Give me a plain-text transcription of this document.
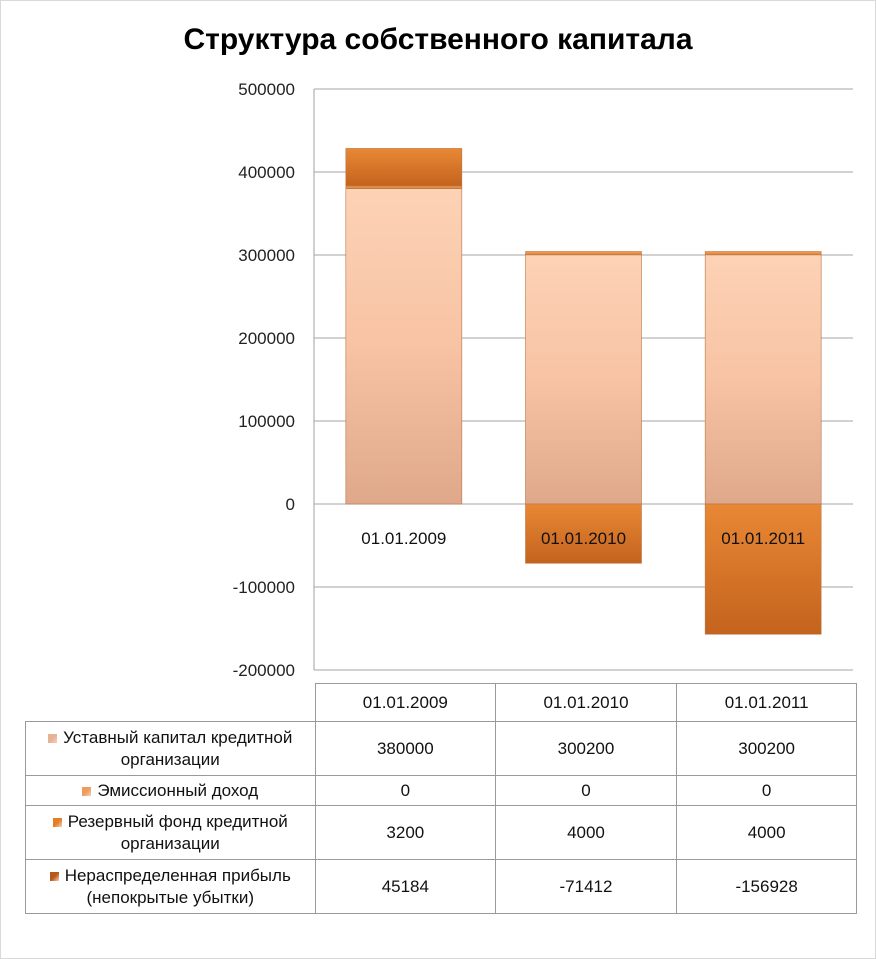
Структура собственного капитала
500000
400000
300000
200000
100000
0
-100000
-200000
01.01.2009	01.01.2010	01.01.2011
	01.01.2009	01.01.2010	01.01.2011
Уставный капитал кредитной организации	380000	300200	300200
Эмиссионный доход	0	0	0
Резервный фонд кредитной организации	3200	4000	4000
Нераспределенная прибыль (непокрытые убытки)	45184	-71412	-156928
